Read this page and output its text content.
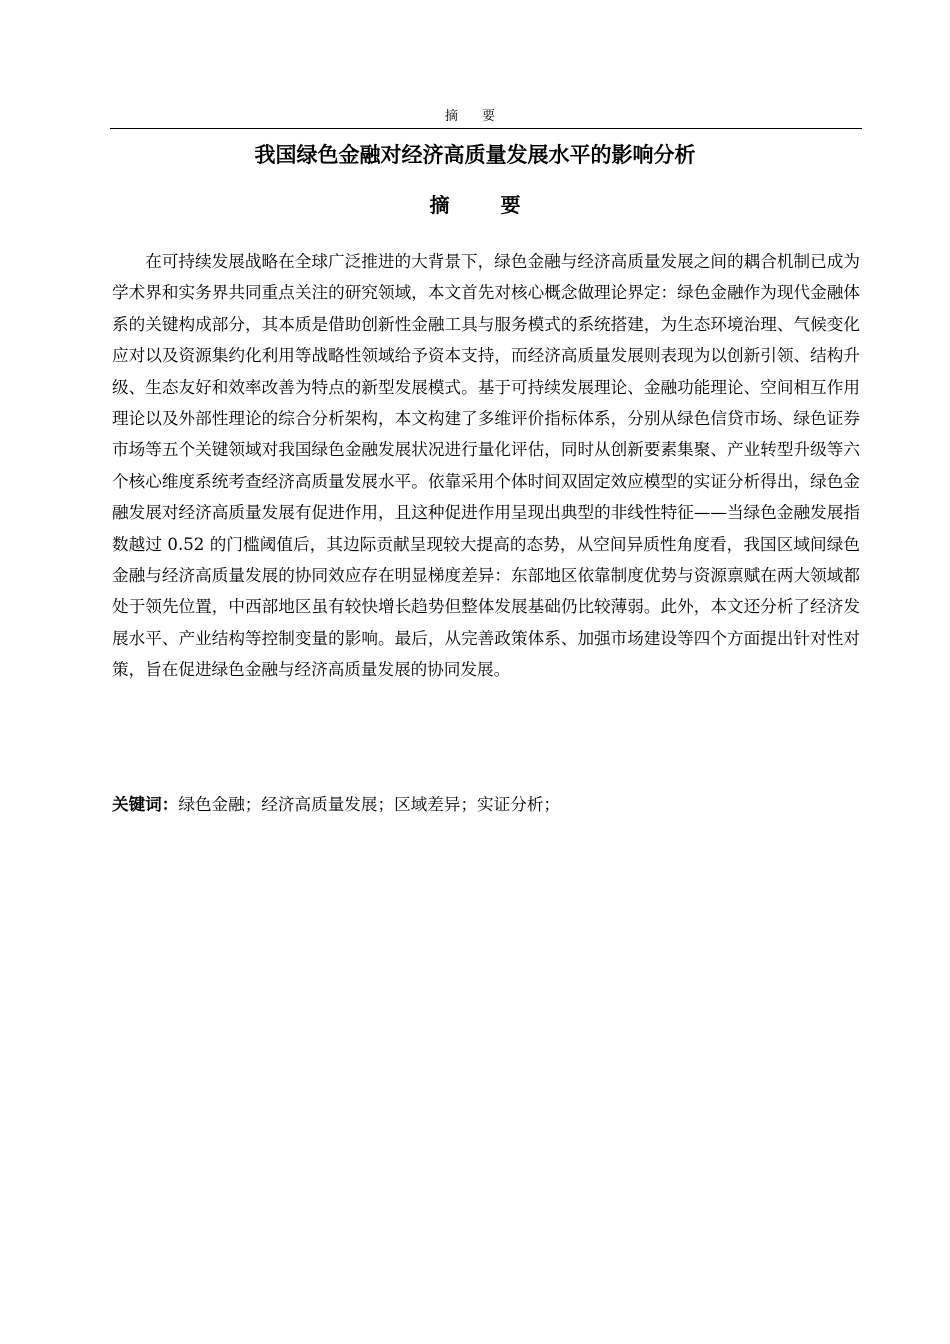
摘 要
我国绿色金融对经济高质量发展水平的影响分析
摘 要

在可持续发展战略在全球广泛推进的大背景下，绿色金融与经济高质量发展之间的耦合机制已成为学术界和实务界共同重点关注的研究领域，本文首先对核心概念做理论界定：绿色金融作为现代金融体系的关键构成部分，其本质是借助创新性金融工具与服务模式的系统搭建，为生态环境治理、气候变化应对以及资源集约化利用等战略性领域给予资本支持，而经济高质量发展则表现为以创新引领、结构升级、生态友好和效率改善为特点的新型发展模式。基于可持续发展理论、金融功能理论、空间相互作用理论以及外部性理论的综合分析架构，本文构建了多维评价指标体系，分别从绿色信贷市场、绿色证券市场等五个关键领域对我国绿色金融发展状况进行量化评估，同时从创新要素集聚、产业转型升级等六个核心维度系统考查经济高质量发展水平。依靠采用个体时间双固定效应模型的实证分析得出，绿色金融发展对经济高质量发展有促进作用，且这种促进作用呈现出典型的非线性特征——当绿色金融发展指数越过 0.52 的门槛阈值后，其边际贡献呈现较大提高的态势，从空间异质性角度看，我国区域间绿色金融与经济高质量发展的协同效应存在明显梯度差异：东部地区依靠制度优势与资源禀赋在两大领域都处于领先位置，中西部地区虽有较快增长趋势但整体发展基础仍比较薄弱。此外，本文还分析了经济发展水平、产业结构等控制变量的影响。最后，从完善政策体系、加强市场建设等四个方面提出针对性对策，旨在促进绿色金融与经济高质量发展的协同发展。

关键词：绿色金融；经济高质量发展；区域差异；实证分析；
